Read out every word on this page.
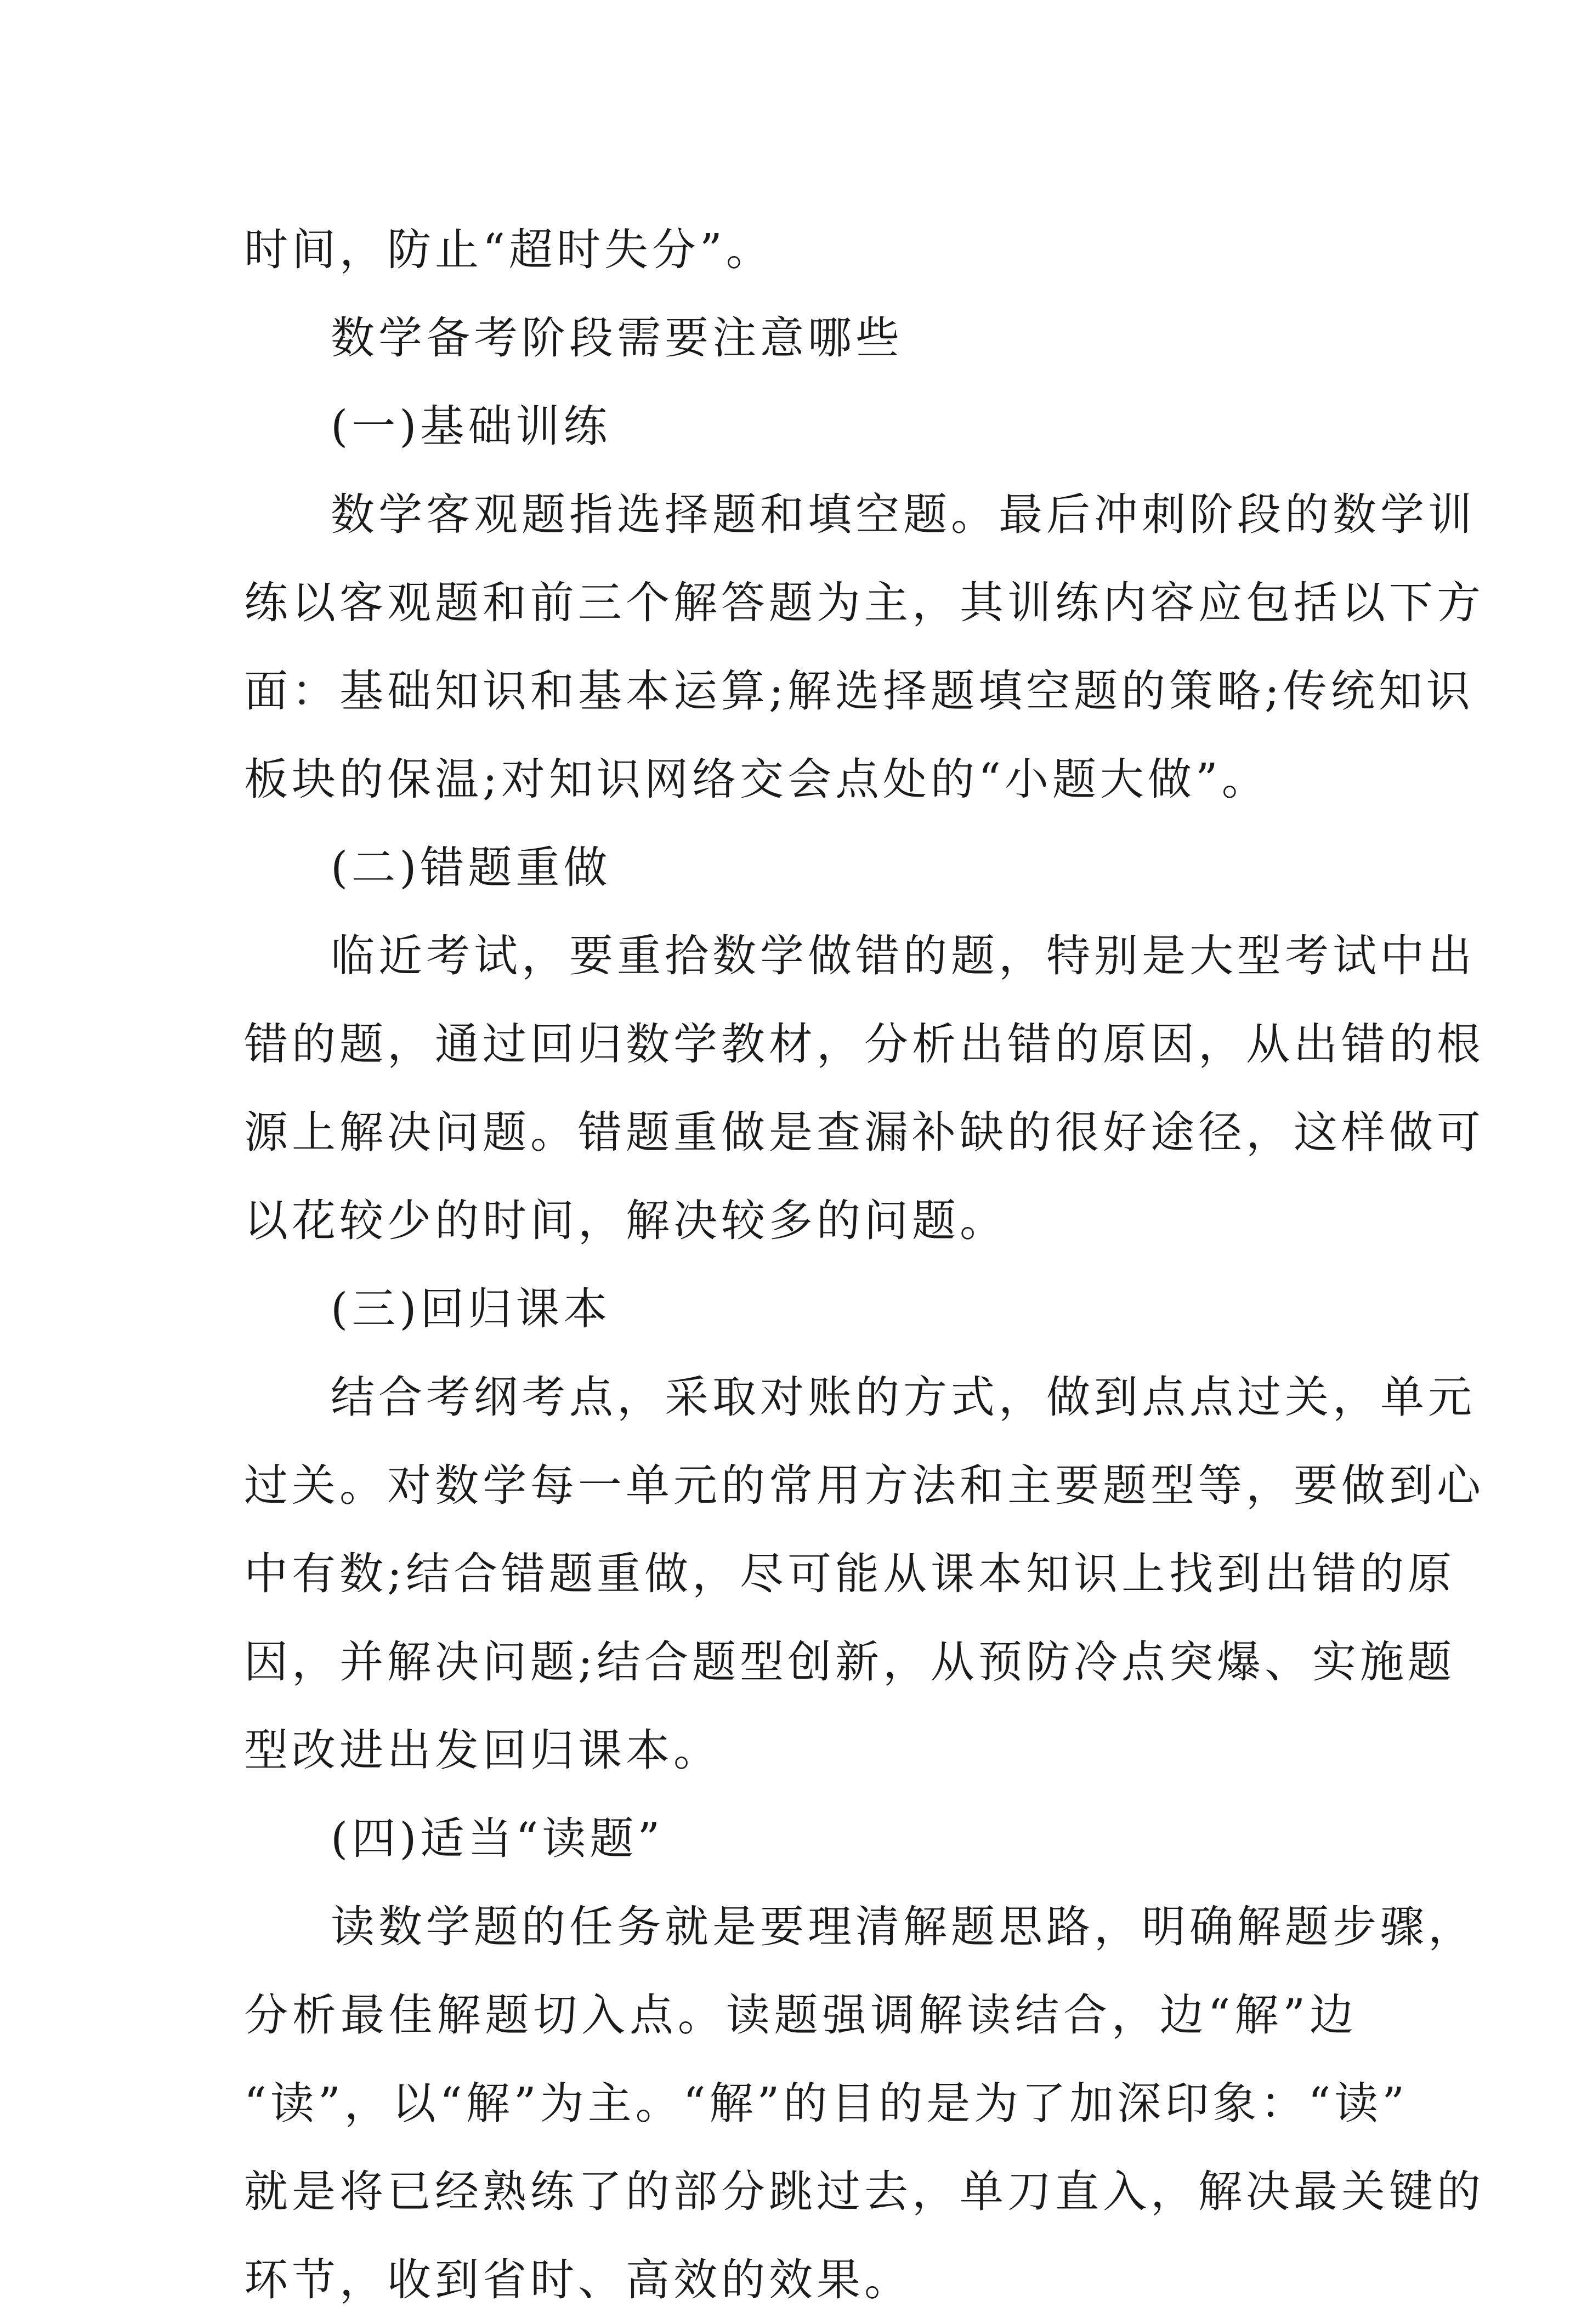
时间，防止“超时失分”。
数学备考阶段需要注意哪些
(一)基础训练
数学客观题指选择题和填空题。最后冲刺阶段的数学训
练以客观题和前三个解答题为主，其训练内容应包括以下方
面：基础知识和基本运算;解选择题填空题的策略;传统知识
板块的保温;对知识网络交会点处的“小题大做”。
(二)错题重做
临近考试，要重拾数学做错的题，特别是大型考试中出
错的题，通过回归数学教材，分析出错的原因，从出错的根
源上解决问题。错题重做是查漏补缺的很好途径，这样做可
以花较少的时间，解决较多的问题。
(三)回归课本
结合考纲考点，采取对账的方式，做到点点过关，单元
过关。对数学每一单元的常用方法和主要题型等，要做到心
中有数;结合错题重做，尽可能从课本知识上找到出错的原
因，并解决问题;结合题型创新，从预防冷点突爆、实施题
型改进出发回归课本。
(四)适当“读题”
读数学题的任务就是要理清解题思路，明确解题步骤，
分析最佳解题切入点。读题强调解读结合，边“解”边
“读”，以“解”为主。“解”的目的是为了加深印象：“读”
就是将已经熟练了的部分跳过去，单刀直入，解决最关键的
环节，收到省时、高效的效果。
